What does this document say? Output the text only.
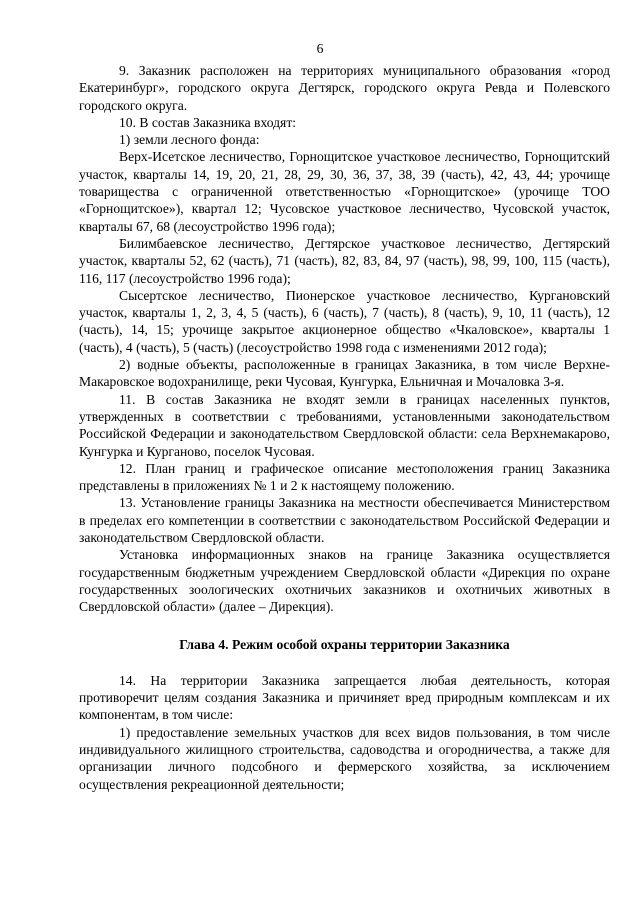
6

9. Заказник расположен на территориях муниципального образования «город Екатеринбург», городского округа Дегтярск, городского округа Ревда и Полевского городского округа.

10. В состав Заказника входят:

1) земли лесного фонда:

Верх-Исетское лесничество, Горнощитское участковое лесничество, Горнощитский участок, кварталы 14, 19, 20, 21, 28, 29, 30, 36, 37, 38, 39 (часть), 42, 43, 44; урочище товарищества с ограниченной ответственностью «Горнощитское» (урочище ТОО «Горнощитское»), квартал 12; Чусовское участковое лесничество, Чусовской участок, кварталы 67, 68 (лесоустройство 1996 года);

Билимбаевское лесничество, Дегтярское участковое лесничество, Дегтярский участок, кварталы 52, 62 (часть), 71 (часть), 82, 83, 84, 97 (часть), 98, 99, 100, 115 (часть), 116, 117 (лесоустройство 1996 года);

Сысертское лесничество, Пионерское участковое лесничество, Кургановский участок, кварталы 1, 2, 3, 4, 5 (часть), 6 (часть), 7 (часть), 8 (часть), 9, 10, 11 (часть), 12 (часть), 14, 15; урочище закрытое акционерное общество «Чкаловское», кварталы 1 (часть), 4 (часть), 5 (часть) (лесоустройство 1998 года с изменениями 2012 года);

2) водные объекты, расположенные в границах Заказника, в том числе Верхне-Макаровское водохранилище, реки Чусовая, Кунгурка, Ельничная и Мочаловка 3-я.

11. В состав Заказника не входят земли в границах населенных пунктов, утвержденных в соответствии с требованиями, установленными законодательством Российской Федерации и законодательством Свердловской области: села Верхнемакарово, Кунгурка и Курганово, поселок Чусовая.

12. План границ и графическое описание местоположения границ Заказника представлены в приложениях № 1 и 2 к настоящему положению.

13. Установление границы Заказника на местности обеспечивается Министерством в пределах его компетенции в соответствии с законодательством Российской Федерации и законодательством Свердловской области.

Установка информационных знаков на границе Заказника осуществляется государственным бюджетным учреждением Свердловской области «Дирекция по охране государственных зоологических охотничьих заказников и охотничьих животных в Свердловской области» (далее – Дирекция).

Глава 4. Режим особой охраны территории Заказника

14. На территории Заказника запрещается любая деятельность, которая противоречит целям создания Заказника и причиняет вред природным комплексам и их компонентам, в том числе:

1) предоставление земельных участков для всех видов пользования, в том числе индивидуального жилищного строительства, садоводства и огородничества, а также для организации личного подсобного и фермерского хозяйства, за исключением осуществления рекреационной деятельности;
